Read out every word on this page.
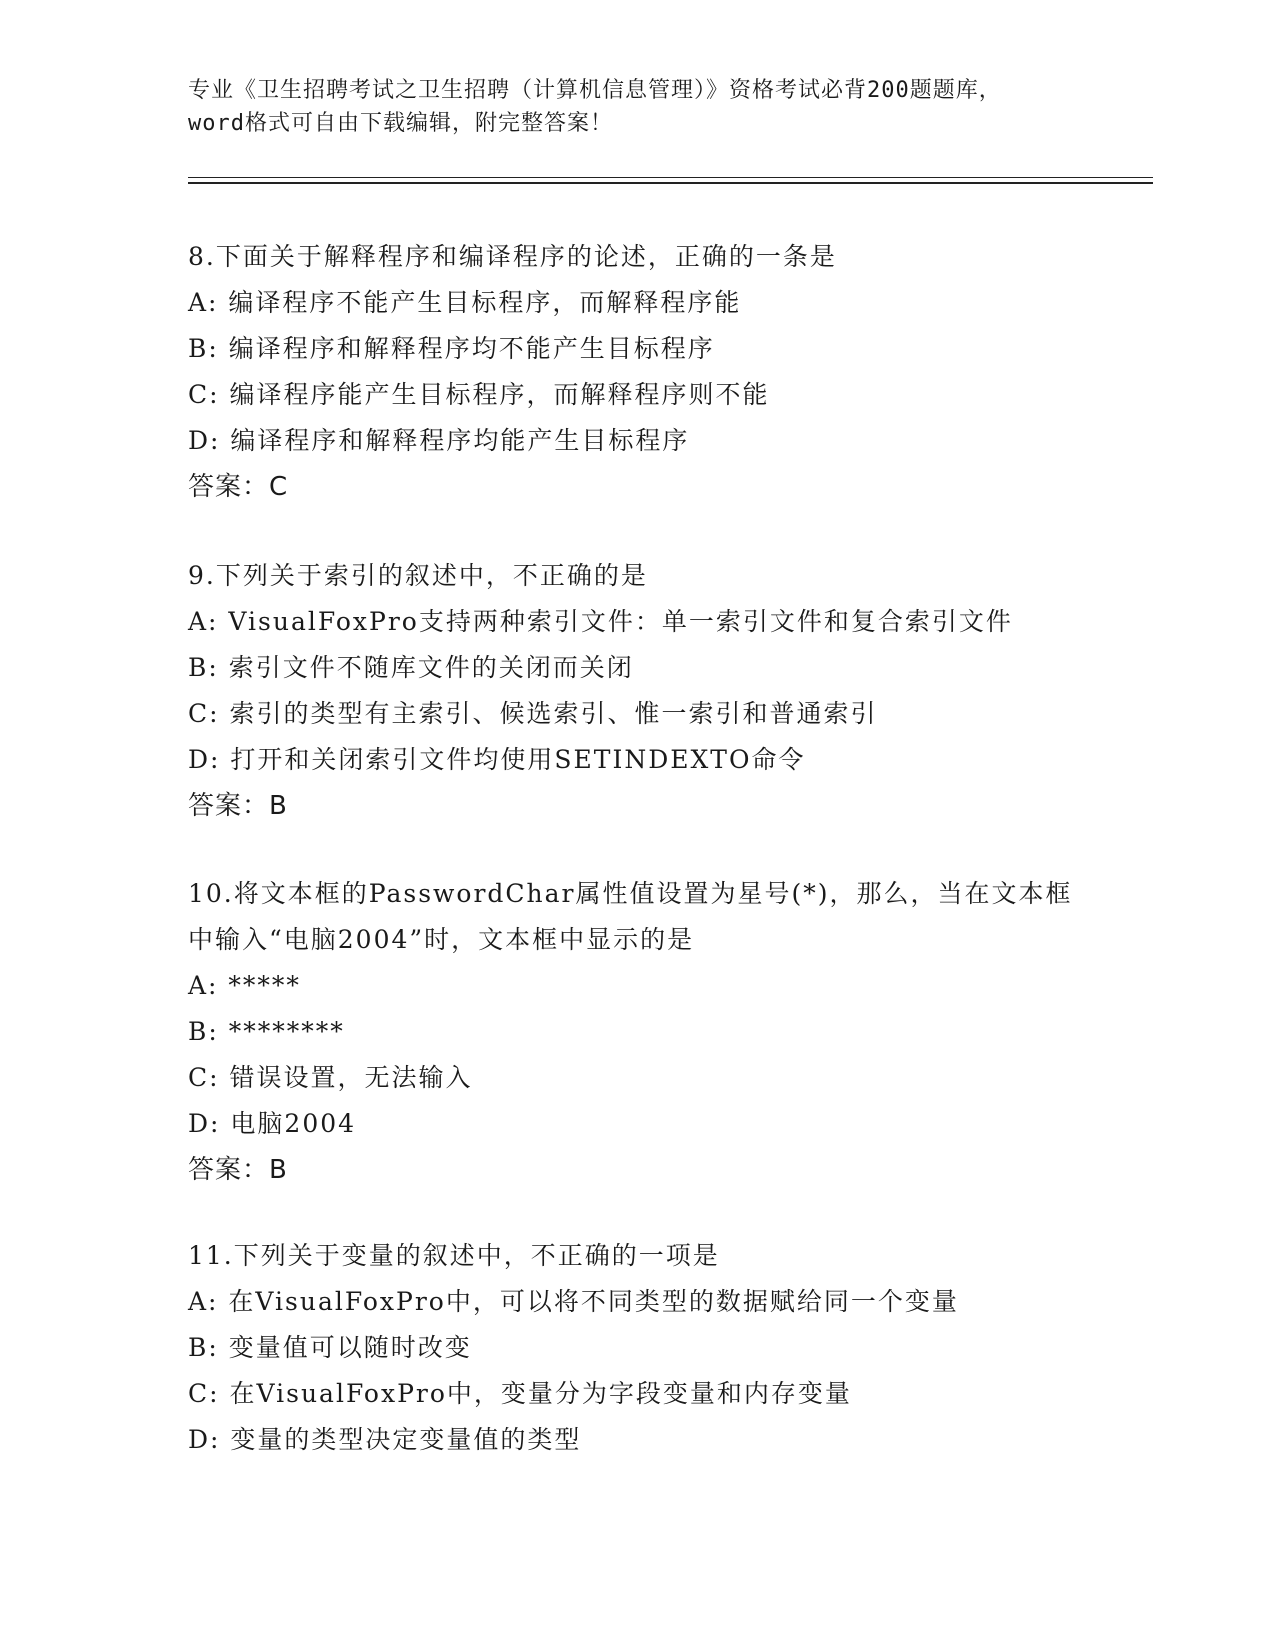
专业《卫生招聘考试之卫生招聘（计算机信息管理）》资格考试必背200题题库，
word格式可自由下载编辑，附完整答案！
8.下面关于解释程序和编译程序的论述，正确的一条是
A: 编译程序不能产生目标程序，而解释程序能
B: 编译程序和解释程序均不能产生目标程序
C: 编译程序能产生目标程序，而解释程序则不能
D: 编译程序和解释程序均能产生目标程序
答案：C
9.下列关于索引的叙述中，不正确的是
A: VisualFoxPro支持两种索引文件：单一索引文件和复合索引文件
B: 索引文件不随库文件的关闭而关闭
C: 索引的类型有主索引、候选索引、惟一索引和普通索引
D: 打开和关闭索引文件均使用SETINDEXTO命令
答案：B
10.将文本框的PasswordChar属性值设置为星号(*)，那么，当在文本框中输入“电脑2004”时，文本框中显示的是
A: *****
B: ********
C: 错误设置，无法输入
D: 电脑2004
答案：B
11.下列关于变量的叙述中，不正确的一项是
A: 在VisualFoxPro中，可以将不同类型的数据赋给同一个变量
B: 变量值可以随时改变
C: 在VisualFoxPro中，变量分为字段变量和内存变量
D: 变量的类型决定变量值的类型
